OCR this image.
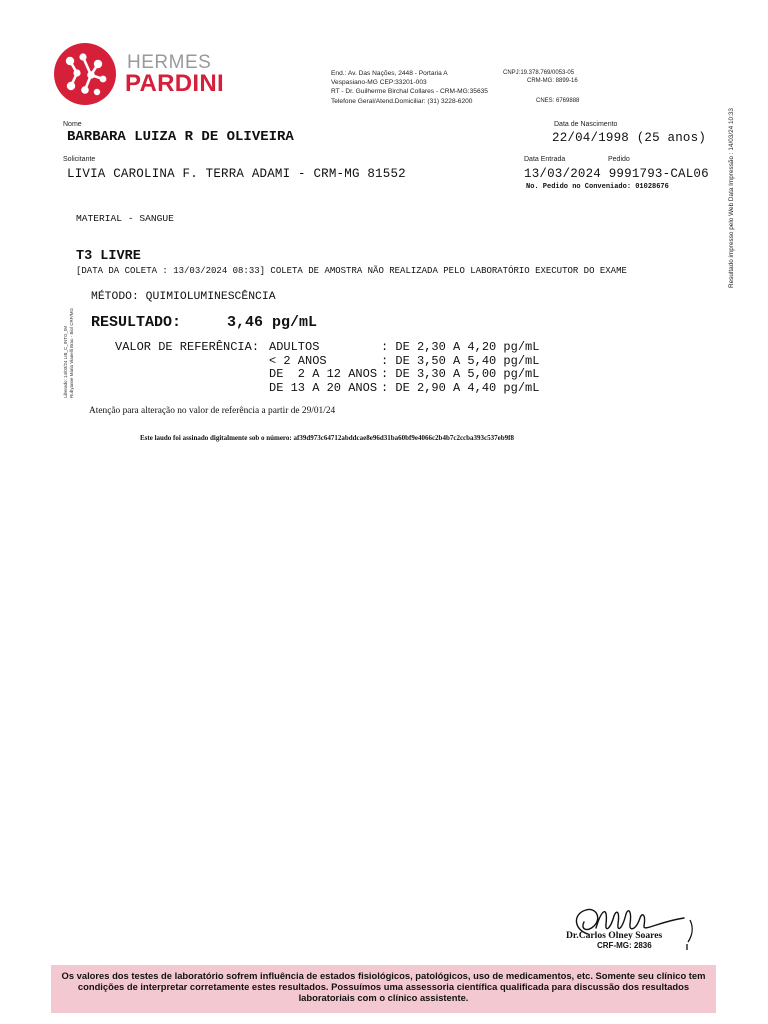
HERMES
PARDINI	End.: Av. Das Nações, 2448 - Portaria A
Vespasiano-MG CEP:33201-003
RT - Dr. Guilherme Birchal Collares - CRM-MG:35635
Telefone Geral/Atend.Domiciliar: (31) 3228-6200
CNPJ:19.378.769/0053-05
CRM-MG: 8899-16
CNES: 6769888
Nome
BARBARA LUIZA R DE OLIVEIRA
Data de Nascimento
22/04/1998 (25 anos)
Solicitante
LIVIA CAROLINA F. TERRA ADAMI - CRM-MG 81552
Data Entrada	Pedido
13/03/2024 9991793-CAL06
No. Pedido no Conveniado: 01028676
MATERIAL - SANGUE
T3 LIVRE
[DATA DA COLETA : 13/03/2024 08:33] COLETA DE AMOSTRA NÃO REALIZADA PELO LABORATÓRIO EXECUTOR DO EXAME
MÉTODO: QUIMIOLUMINESCÊNCIA
RESULTADO:	3,46 pg/mL
VALOR DE REFERÊNCIA: ADULTOS : DE 2,30 A 4,20 pg/mL
< 2 ANOS : DE 3,50 A 5,40 pg/mL
DE  2 A 12 ANOS : DE 3,30 A 5,00 pg/mL
DE 13 A 20 ANOS : DE 2,90 A 4,40 pg/mL
Atenção para alteração no valor de referência a partir de 29/01/24
Este laudo foi assinado digitalmente sob o número: af39d973c64712abddcae8e96d31ba60bf9e4066c2b4b7c2ccba393c537eb9f8
Resultado impresso pelo Web Data Impressão : 14/03/24 10:33
Liberado: 14/03/24 LIB_C_INTG_IM Rubyanne Maria Vianelli Brau - Biol CRF/MG
Dr.Carlos Olney Soares
CRF-MG: 2836
Os valores dos testes de laboratório sofrem influência de estados fisiológicos, patológicos, uso de medicamentos, etc. Somente seu clínico tem condições de interpretar corretamente estes resultados. Possuímos uma assessoria científica qualificada para discussão dos resultados laboratoriais com o clínico assistente.
